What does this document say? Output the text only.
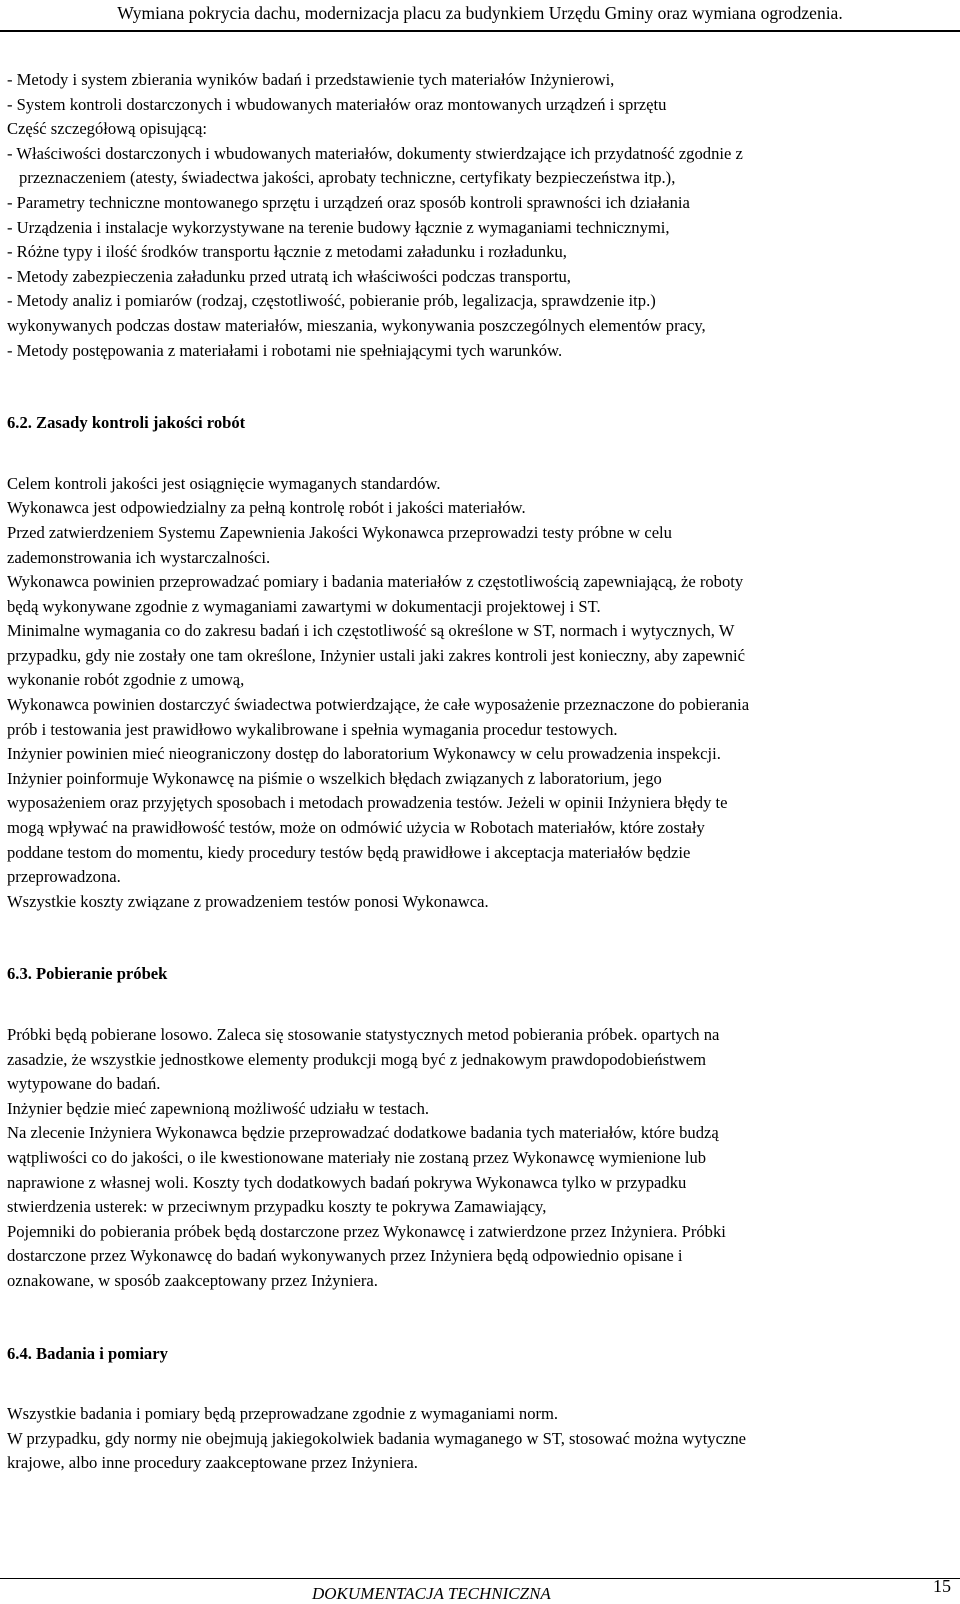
Wymiana pokrycia dachu, modernizacja placu za budynkiem Urzędu Gminy oraz wymiana ogrodzenia.
- Metody i system zbierania wyników badań i przedstawienie tych materiałów Inżynierowi,
- System kontroli dostarczonych i wbudowanych materiałów oraz montowanych urządzeń i sprzętu
Część szczegółową opisującą:
- Właściwości dostarczonych i wbudowanych materiałów, dokumenty stwierdzające ich przydatność zgodnie z
przeznaczeniem (atesty, świadectwa jakości, aprobaty techniczne, certyfikaty bezpieczeństwa itp.),
- Parametry techniczne montowanego sprzętu i urządzeń oraz sposób kontroli sprawności ich działania
- Urządzenia i instalacje wykorzystywane na terenie budowy łącznie z wymaganiami technicznymi,
- Różne typy i ilość środków transportu łącznie z metodami załadunku i rozładunku,
- Metody zabezpieczenia załadunku przed utratą ich właściwości podczas transportu,
- Metody analiz i pomiarów (rodzaj, częstotliwość, pobieranie prób, legalizacja, sprawdzenie itp.)
wykonywanych podczas dostaw materiałów, mieszania, wykonywania poszczególnych elementów pracy,
- Metody postępowania z materiałami i robotami nie spełniającymi tych warunków.
6.2. Zasady kontroli jakości robót
Celem kontroli jakości jest osiągnięcie wymaganych standardów.
Wykonawca jest odpowiedzialny za pełną kontrolę robót i jakości materiałów.
Przed zatwierdzeniem Systemu Zapewnienia Jakości Wykonawca przeprowadzi testy próbne w celu
zademonstrowania ich wystarczalności.
Wykonawca powinien przeprowadzać pomiary i badania materiałów z częstotliwością zapewniającą, że roboty
będą wykonywane zgodnie z wymaganiami zawartymi w dokumentacji projektowej i ST.
Minimalne wymagania co do zakresu badań i ich częstotliwość są określone w ST, normach i wytycznych, W
przypadku, gdy nie zostały one tam określone, Inżynier ustali jaki zakres kontroli jest konieczny, aby zapewnić
wykonanie robót zgodnie z umową,
Wykonawca powinien dostarczyć świadectwa potwierdzające, że całe wyposażenie przeznaczone do pobierania
prób i testowania jest prawidłowo wykalibrowane i spełnia wymagania procedur testowych.
Inżynier powinien mieć nieograniczony dostęp do laboratorium Wykonawcy w celu prowadzenia inspekcji.
Inżynier poinformuje Wykonawcę na piśmie o wszelkich błędach związanych z laboratorium, jego
wyposażeniem oraz przyjętych sposobach i metodach prowadzenia testów. Jeżeli w opinii Inżyniera błędy te
mogą wpływać na prawidłowość testów, może on odmówić użycia w Robotach materiałów, które zostały
poddane testom do momentu, kiedy procedury testów będą prawidłowe i akceptacja materiałów będzie
przeprowadzona.
Wszystkie koszty związane z prowadzeniem testów ponosi Wykonawca.
6.3. Pobieranie próbek
Próbki będą pobierane losowo. Zaleca się stosowanie statystycznych metod pobierania próbek. opartych na
zasadzie, że wszystkie jednostkowe elementy produkcji mogą być z jednakowym prawdopodobieństwem
wytypowane do badań.
Inżynier będzie mieć zapewnioną możliwość udziału w testach.
Na zlecenie Inżyniera Wykonawca będzie przeprowadzać dodatkowe badania tych materiałów, które budzą
wątpliwości co do jakości, o ile kwestionowane materiały nie zostaną przez Wykonawcę wymienione lub
naprawione z własnej woli. Koszty tych dodatkowych badań pokrywa Wykonawca tylko w przypadku
stwierdzenia usterek: w przeciwnym przypadku koszty te pokrywa Zamawiający,
Pojemniki do pobierania próbek będą dostarczone przez Wykonawcę i zatwierdzone przez Inżyniera. Próbki
dostarczone przez Wykonawcę do badań wykonywanych przez Inżyniera będą odpowiednio opisane i
oznakowane, w sposób zaakceptowany przez Inżyniera.
6.4. Badania i pomiary
Wszystkie badania i pomiary będą przeprowadzane zgodnie z wymaganiami norm.
W przypadku, gdy normy nie obejmują jakiegokolwiek badania wymaganego w ST, stosować można wytyczne
krajowe, albo inne procedury zaakceptowane przez Inżyniera.
DOKUMENTACJA TECHNICZNA	15
